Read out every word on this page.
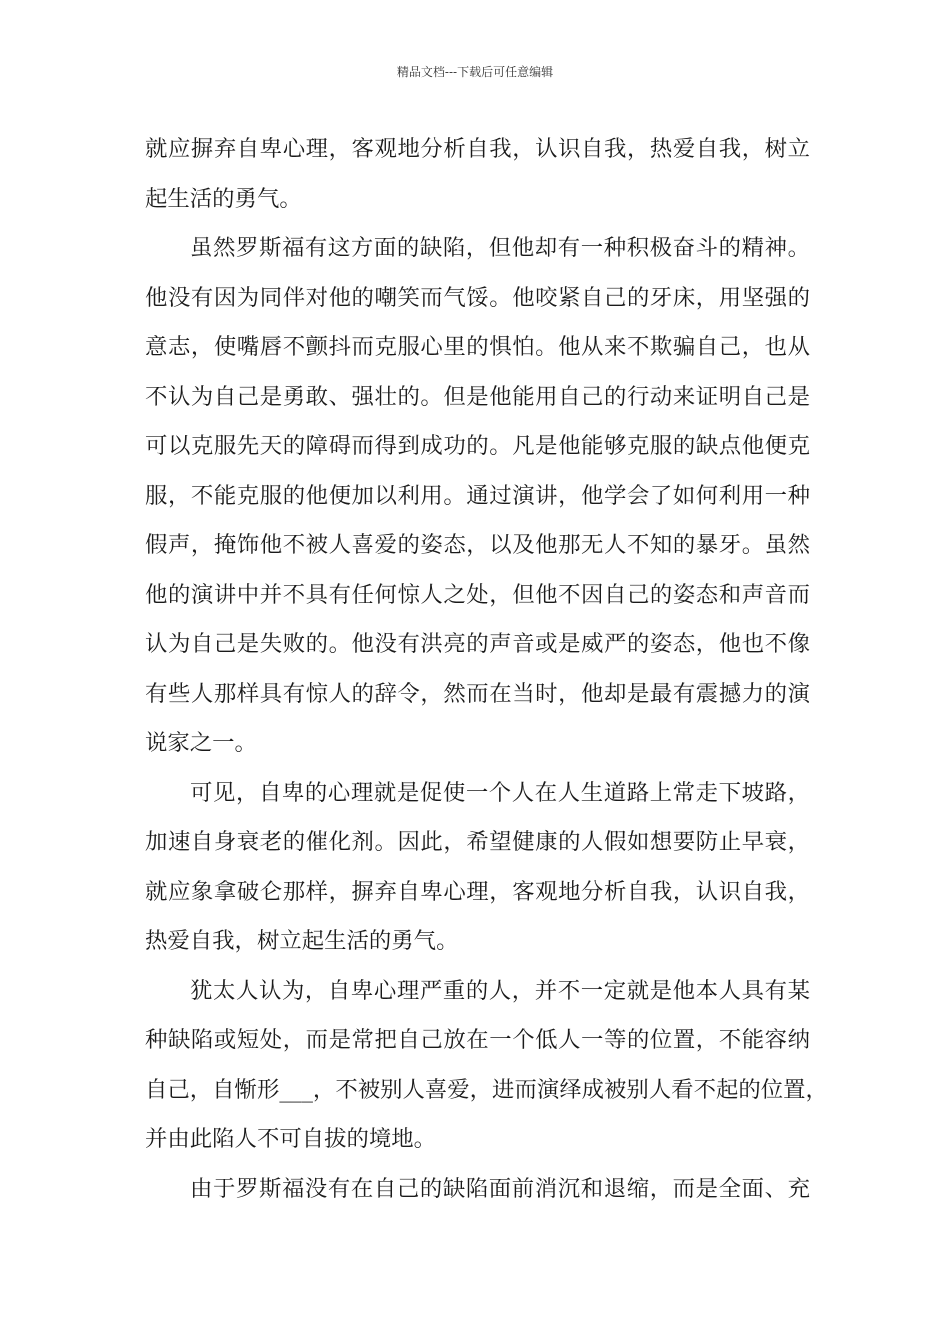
精品文档---下载后可任意编辑
就应摒弃自卑心理，客观地分析自我，认识自我，热爱自我，树立
起生活的勇气。
虽然罗斯福有这方面的缺陷，但他却有一种积极奋斗的精神。
他没有因为同伴对他的嘲笑而气馁。他咬紧自己的牙床，用坚强的
意志，使嘴唇不颤抖而克服心里的惧怕。他从来不欺骗自己，也从
不认为自己是勇敢、强壮的。但是他能用自己的行动来证明自己是
可以克服先天的障碍而得到成功的。凡是他能够克服的缺点他便克
服，不能克服的他便加以利用。通过演讲，他学会了如何利用一种
假声，掩饰他不被人喜爱的姿态，以及他那无人不知的暴牙。虽然
他的演讲中并不具有任何惊人之处，但他不因自己的姿态和声音而
认为自己是失败的。他没有洪亮的声音或是威严的姿态，他也不像
有些人那样具有惊人的辞令，然而在当时，他却是最有震撼力的演
说家之一。
可见，自卑的心理就是促使一个人在人生道路上常走下坡路，
加速自身衰老的催化剂。因此，希望健康的人假如想要防止早衰，
就应象拿破仑那样，摒弃自卑心理，客观地分析自我，认识自我，
热爱自我，树立起生活的勇气。
犹太人认为，自卑心理严重的人，并不一定就是他本人具有某
种缺陷或短处，而是常把自己放在一个低人一等的位置，不能容纳
自己，自惭形___，不被别人喜爱，进而演绎成被别人看不起的位置，
并由此陷人不可自拔的境地。
由于罗斯福没有在自己的缺陷面前消沉和退缩，而是全面、充
